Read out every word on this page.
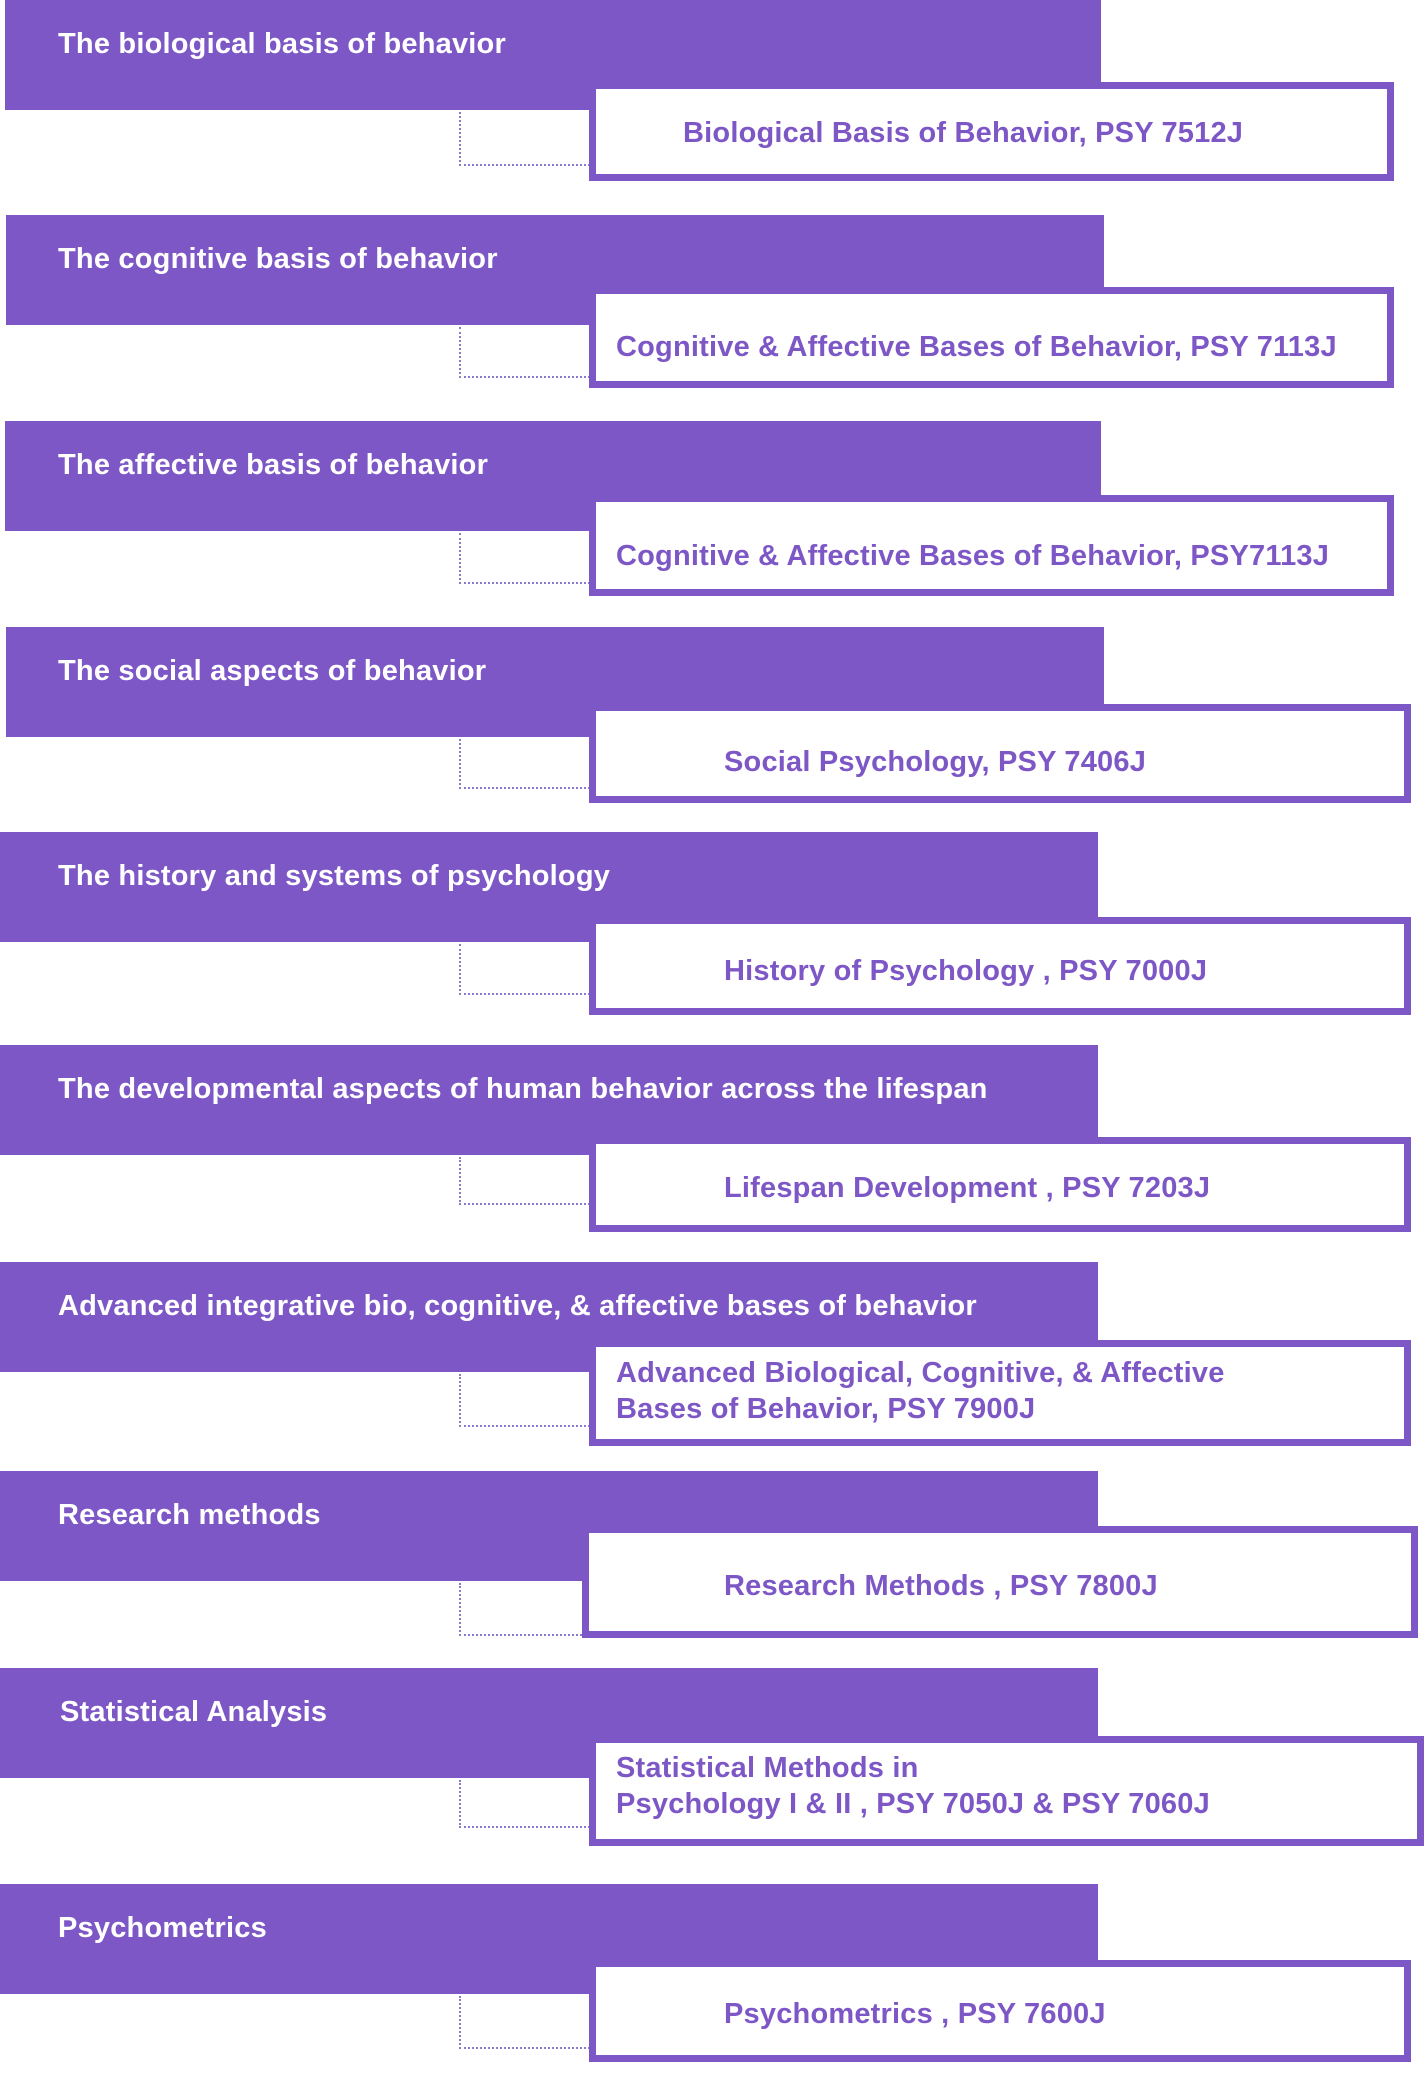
The biological basis of behavior
Biological Basis of Behavior, PSY 7512J
The cognitive basis of behavior
Cognitive & Affective Bases of Behavior, PSY 7113J
The affective basis of behavior
Cognitive & Affective Bases of Behavior, PSY7113J
The social aspects of behavior
Social Psychology, PSY 7406J
The history and systems of psychology
History of Psychology , PSY 7000J
The developmental aspects of human behavior across the lifespan
Lifespan Development , PSY 7203J
Advanced integrative bio, cognitive, & affective bases of behavior
Advanced Biological, Cognitive, & Affective
Bases of Behavior, PSY 7900J
Research methods
Research Methods , PSY 7800J
Statistical Analysis
Statistical Methods in
Psychology I & II , PSY 7050J & PSY 7060J
Psychometrics
Psychometrics , PSY 7600J
